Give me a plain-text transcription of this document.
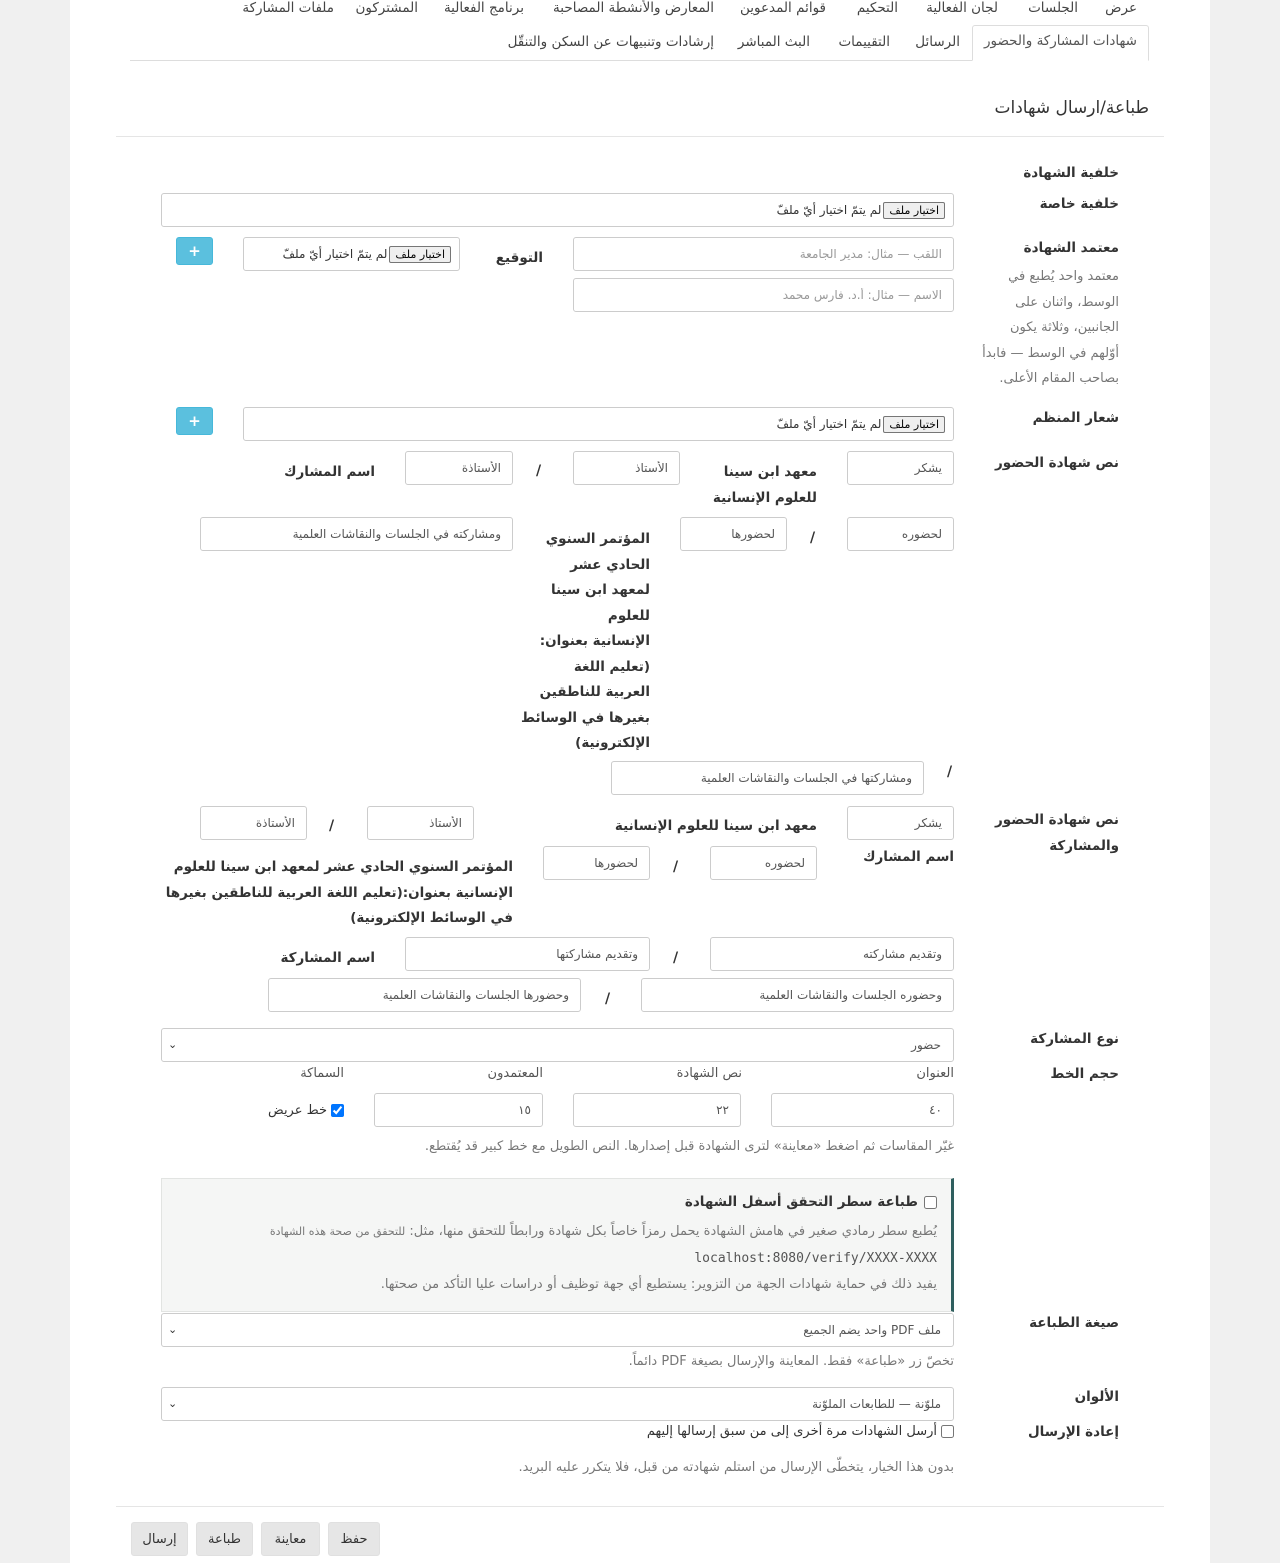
عرض
الجلسات
لجان الفعالية
التحكيم
قوائم المدعوين
المعارض والأنشطة المصاحبة
برنامج الفعالية
المشتركون
ملفات المشاركة
شهادات المشاركة والحضور
الرسائل
التقييمات
البث المباشر
إرشادات وتنبيهات عن السكن والتنقّل
طباعة/ارسال شهادات
خلفية الشهادة
خلفية خاصة
اختيار ملف
لم يتمّ اختيار أيّ ملفّ
معتمد الشهادة
معتمد واحد يُطبع في
الوسط، واثنان على
الجانبين، وثلاثة يكون
أوّلهم في الوسط — فابدأ
بصاحب المقام الأعلى.
اللقب — مثال: مدير الجامعة
الاسم — مثال: أ.د. فارس محمد
التوقيع
اختيار ملف
لم يتمّ اختيار أيّ ملفّ
+
شعار المنظم
اختيار ملف
لم يتمّ اختيار أيّ ملفّ
+
نص شهادة الحضور
يشكر
معهد ابن سينا
للعلوم الإنسانية
الأستاذ
/
الأستاذة
اسم المشارك
لحضوره
/
لحضورها
المؤتمر السنوي
الحادي عشر
لمعهد ابن سينا
للعلوم
الإنسانية بعنوان:
(تعليم اللغة
العربية للناطقين
بغيرها في الوسائط
الإلكترونية)
ومشاركته في الجلسات والنقاشات العلمية
/
ومشاركتها في الجلسات والنقاشات العلمية
نص شهادة الحضور
والمشاركة
يشكر
معهد ابن سينا للعلوم الإنسانية
الأستاذ
/
الأستاذة
اسم المشارك
لحضوره
/
لحضورها
المؤتمر السنوي الحادي عشر لمعهد ابن سينا للعلوم
الإنسانية بعنوان:(تعليم اللغة العربية للناطقين بغيرها
في الوسائط الإلكترونية)
وتقديم مشاركته
/
وتقديم مشاركتها
اسم المشاركة
وحضوره الجلسات والنقاشات العلمية
/
وحضورها الجلسات والنقاشات العلمية
نوع المشاركة
حضور
⌄
حجم الخط
العنوان
نص الشهادة
المعتمدون
السماكة
٤٠
٢٢
١٥
خط عريض
غيّر المقاسات ثم اضغط «معاينة» لترى الشهادة قبل إصدارها. النص الطويل مع خط كبير قد يُقتطع.
طباعة سطر التحقق أسفل الشهادة
يُطبع سطر رمادي صغير في هامش الشهادة يحمل رمزاً خاصاً بكل شهادة ورابطاً للتحقق منها، مثل: للتحقق من صحة هذه الشهادة
localhost:8080/verify/XXXX-XXXX
يفيد ذلك في حماية شهادات الجهة من التزوير: يستطيع أي جهة توظيف أو دراسات عليا التأكد من صحتها.
صيغة الطباعة
ملف PDF واحد يضم الجميع
⌄
تخصّ زر «طباعة» فقط. المعاينة والإرسال بصيغة PDF دائماً.
الألوان
ملوّنة — للطابعات الملوّنة
⌄
إعادة الإرسال
أرسل الشهادات مرة أخرى إلى من سبق إرسالها إليهم
بدون هذا الخيار، يتخطّى الإرسال من استلم شهادته من قبل، فلا يتكرر عليه البريد.
حفظ
معاينة
طباعة
إرسال
